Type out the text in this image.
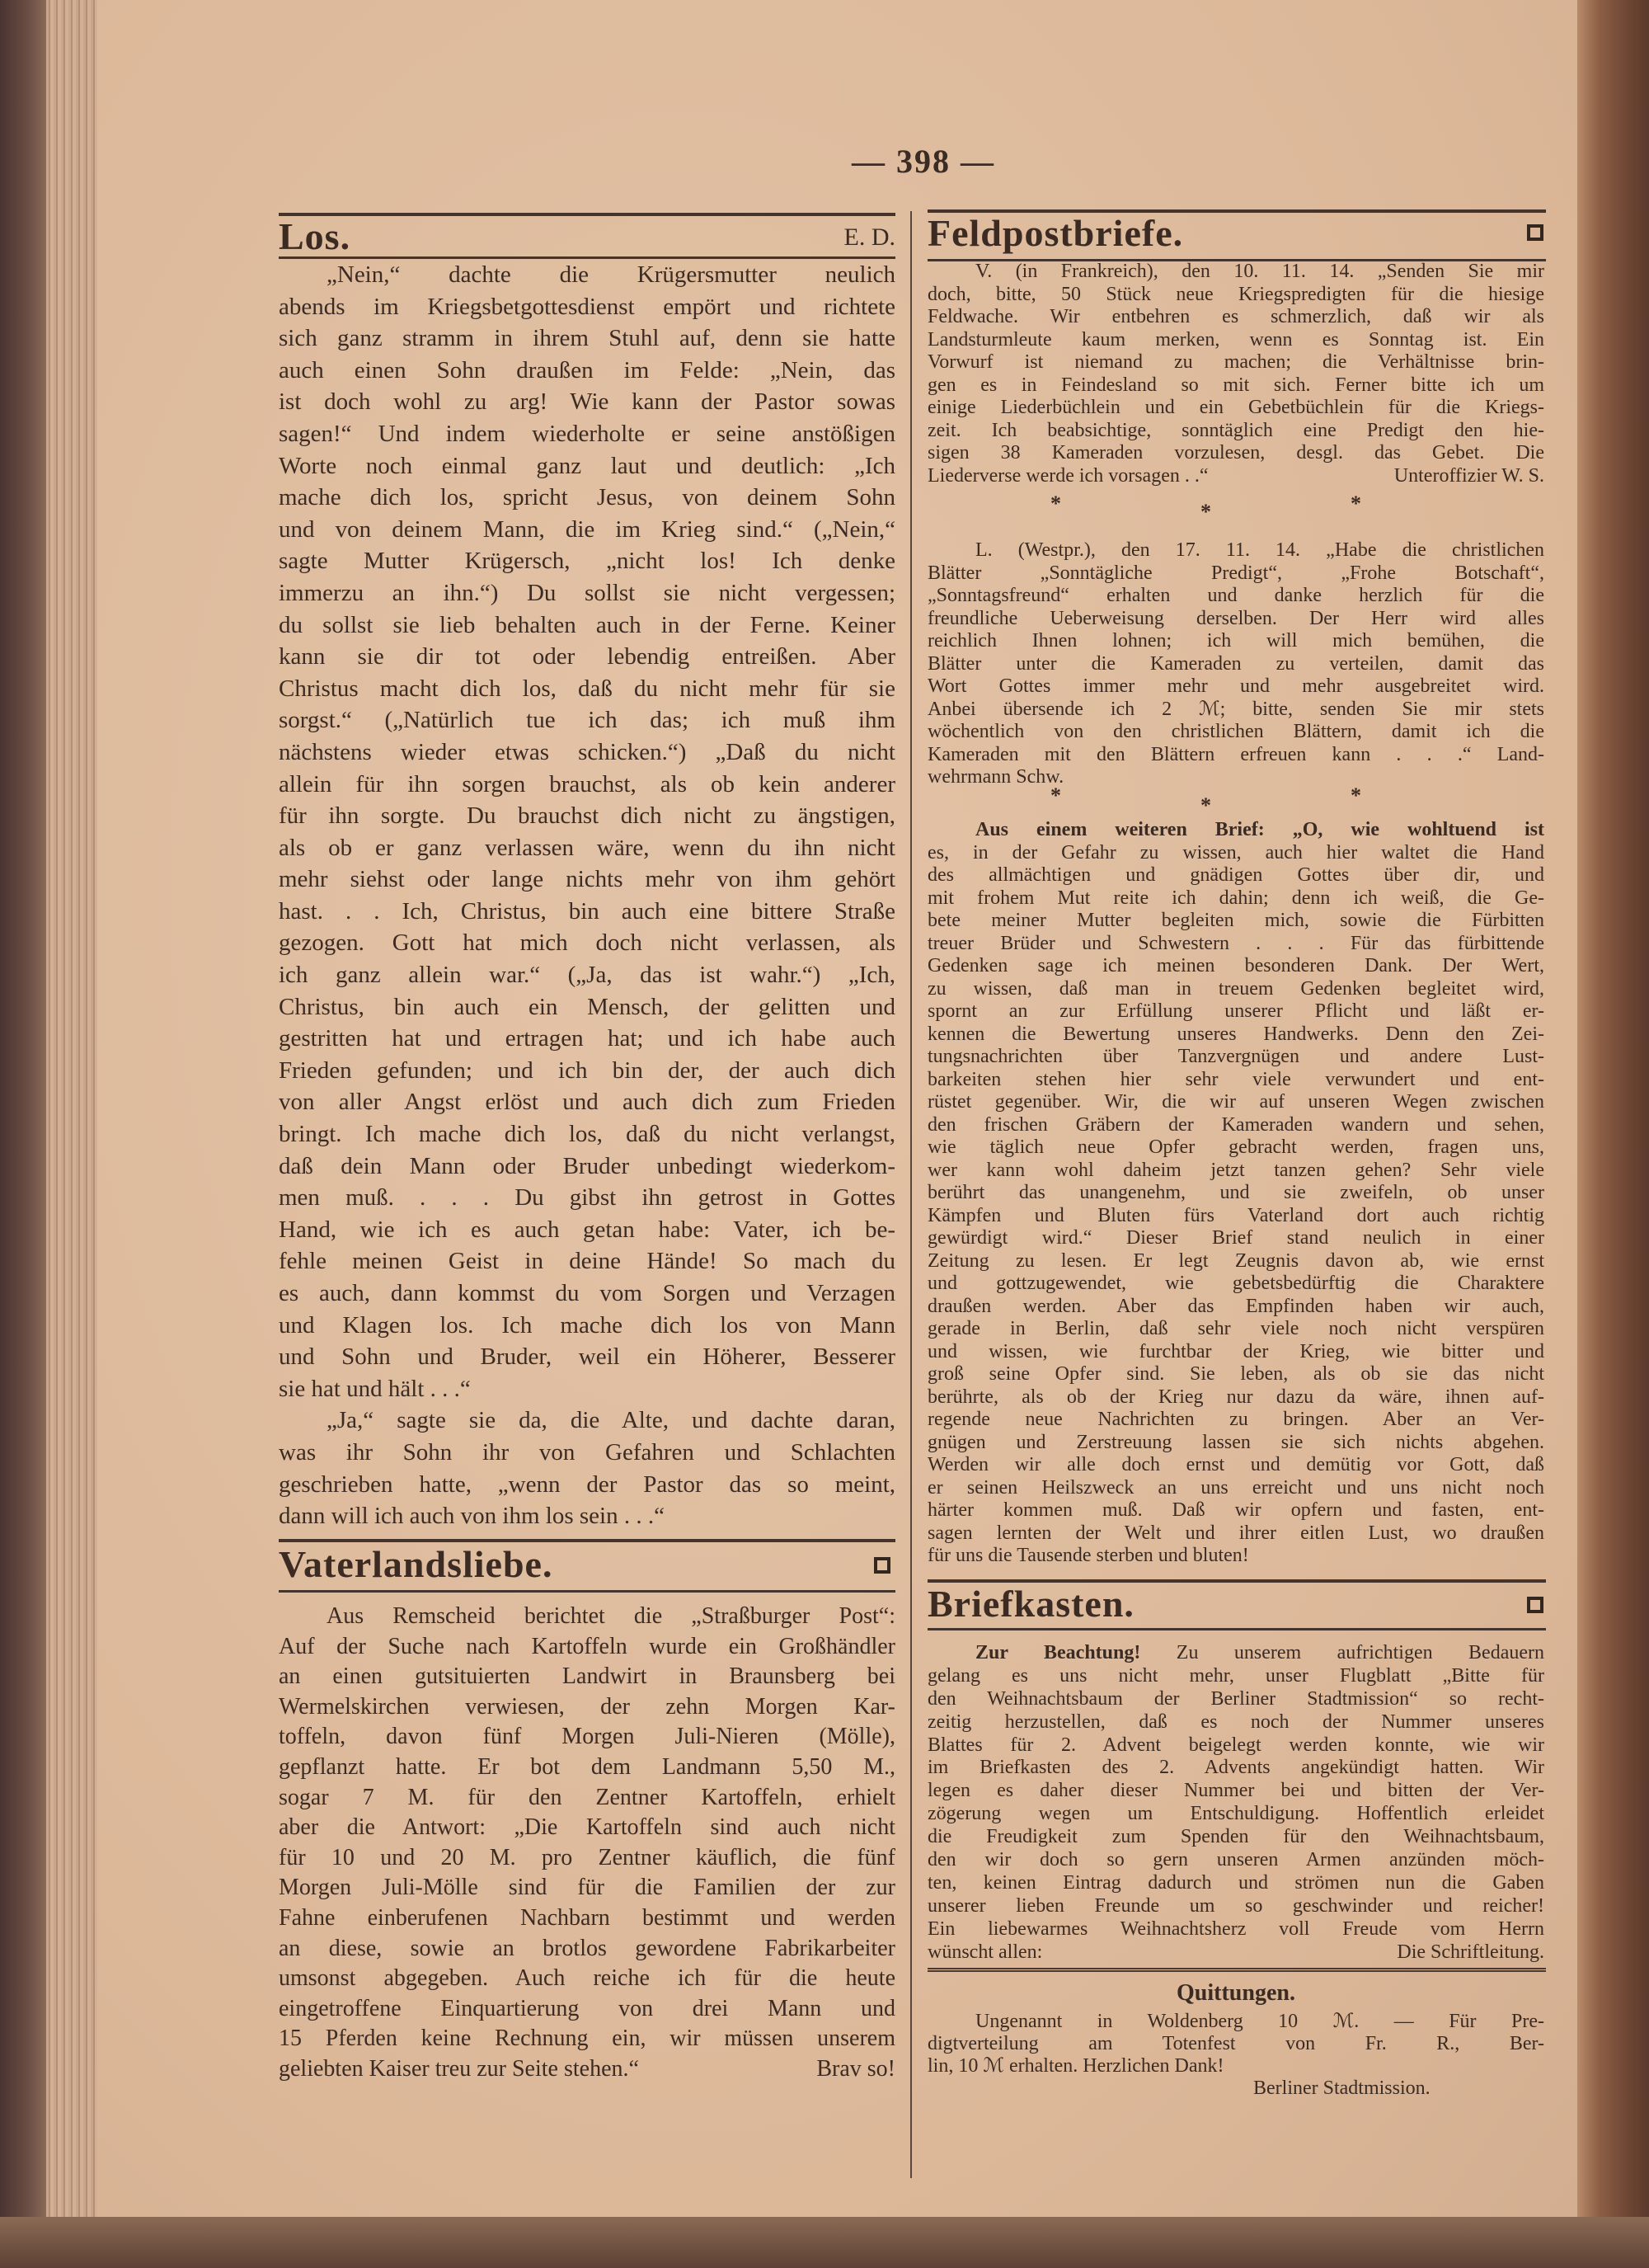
— 398 —
Los.	E. D.
„Nein,“ dachte die Krügersmutter neulich
abends im Kriegsbetgottesdienst empört und richtete
sich ganz stramm in ihrem Stuhl auf, denn sie hatte
auch einen Sohn draußen im Felde: „Nein, das
ist doch wohl zu arg! Wie kann der Pastor sowas
sagen!“ Und indem wiederholte er seine anstößigen
Worte noch einmal ganz laut und deutlich: „Ich
mache dich los, spricht Jesus, von deinem Sohn
und von deinem Mann, die im Krieg sind.“ („Nein,“
sagte Mutter Krügersch, „nicht los! Ich denke
immerzu an ihn.“) Du sollst sie nicht vergessen;
du sollst sie lieb behalten auch in der Ferne. Keiner
kann sie dir tot oder lebendig entreißen. Aber
Christus macht dich los, daß du nicht mehr für sie
sorgst.“ („Natürlich tue ich das; ich muß ihm
nächstens wieder etwas schicken.“) „Daß du nicht
allein für ihn sorgen brauchst, als ob kein anderer
für ihn sorgte. Du brauchst dich nicht zu ängstigen,
als ob er ganz verlassen wäre, wenn du ihn nicht
mehr siehst oder lange nichts mehr von ihm gehört
hast. . . Ich, Christus, bin auch eine bittere Straße
gezogen. Gott hat mich doch nicht verlassen, als
ich ganz allein war.“ („Ja, das ist wahr.“) „Ich,
Christus, bin auch ein Mensch, der gelitten und
gestritten hat und ertragen hat; und ich habe auch
Frieden gefunden; und ich bin der, der auch dich
von aller Angst erlöst und auch dich zum Frieden
bringt. Ich mache dich los, daß du nicht verlangst,
daß dein Mann oder Bruder unbedingt wiederkom-
men muß. . . . Du gibst ihn getrost in Gottes
Hand, wie ich es auch getan habe: Vater, ich be-
fehle meinen Geist in deine Hände! So mach du
es auch, dann kommst du vom Sorgen und Verzagen
und Klagen los. Ich mache dich los von Mann
und Sohn und Bruder, weil ein Höherer, Besserer
sie hat und hält . . .“
„Ja,“ sagte sie da, die Alte, und dachte daran,
was ihr Sohn ihr von Gefahren und Schlachten
geschrieben hatte, „wenn der Pastor das so meint,
dann will ich auch von ihm los sein . . .“
Vaterlandsliebe.
Aus Remscheid berichtet die „Straßburger Post“:
Auf der Suche nach Kartoffeln wurde ein Großhändler
an einen gutsituierten Landwirt in Braunsberg bei
Wermelskirchen verwiesen, der zehn Morgen Kar-
toffeln, davon fünf Morgen Juli-Nieren (Mölle),
gepflanzt hatte. Er bot dem Landmann 5,50 M.,
sogar 7 M. für den Zentner Kartoffeln, erhielt
aber die Antwort: „Die Kartoffeln sind auch nicht
für 10 und 20 M. pro Zentner käuflich, die fünf
Morgen Juli-Mölle sind für die Familien der zur
Fahne einberufenen Nachbarn bestimmt und werden
an diese, sowie an brotlos gewordene Fabrikarbeiter
umsonst abgegeben. Auch reiche ich für die heute
eingetroffene Einquartierung von drei Mann und
15 Pferden keine Rechnung ein, wir müssen unserem
geliebten Kaiser treu zur Seite stehen.“	Brav so!
Feldpostbriefe.
V. (in Frankreich), den 10. 11. 14. „Senden Sie mir
doch, bitte, 50 Stück neue Kriegspredigten für die hiesige
Feldwache. Wir entbehren es schmerzlich, daß wir als
Landsturmleute kaum merken, wenn es Sonntag ist. Ein
Vorwurf ist niemand zu machen; die Verhältnisse brin-
gen es in Feindesland so mit sich. Ferner bitte ich um
einige Liederbüchlein und ein Gebetbüchlein für die Kriegs-
zeit. Ich beabsichtige, sonntäglich eine Predigt den hie-
sigen 38 Kameraden vorzulesen, desgl. das Gebet. Die
Liederverse werde ich vorsagen . .“	Unteroffizier W. S.
*	*	*
L. (Westpr.), den 17. 11. 14. „Habe die christlichen
Blätter „Sonntägliche Predigt“, „Frohe Botschaft“,
„Sonntagsfreund“ erhalten und danke herzlich für die
freundliche Ueberweisung derselben. Der Herr wird alles
reichlich Ihnen lohnen; ich will mich bemühen, die
Blätter unter die Kameraden zu verteilen, damit das
Wort Gottes immer mehr und mehr ausgebreitet wird.
Anbei übersende ich 2 ℳ; bitte, senden Sie mir stets
wöchentlich von den christlichen Blättern, damit ich die
Kameraden mit den Blättern erfreuen kann . . .“ Land-
wehrmann Schw.
*	*	*
Aus einem weiteren Brief: „O, wie wohltuend ist
es, in der Gefahr zu wissen, auch hier waltet die Hand
des allmächtigen und gnädigen Gottes über dir, und
mit frohem Mut reite ich dahin; denn ich weiß, die Ge-
bete meiner Mutter begleiten mich, sowie die Fürbitten
treuer Brüder und Schwestern . . . Für das fürbittende
Gedenken sage ich meinen besonderen Dank. Der Wert,
zu wissen, daß man in treuem Gedenken begleitet wird,
spornt an zur Erfüllung unserer Pflicht und läßt er-
kennen die Bewertung unseres Handwerks. Denn den Zei-
tungsnachrichten über Tanzvergnügen und andere Lust-
barkeiten stehen hier sehr viele verwundert und ent-
rüstet gegenüber. Wir, die wir auf unseren Wegen zwischen
den frischen Gräbern der Kameraden wandern und sehen,
wie täglich neue Opfer gebracht werden, fragen uns,
wer kann wohl daheim jetzt tanzen gehen? Sehr viele
berührt das unangenehm, und sie zweifeln, ob unser
Kämpfen und Bluten fürs Vaterland dort auch richtig
gewürdigt wird.“ Dieser Brief stand neulich in einer
Zeitung zu lesen. Er legt Zeugnis davon ab, wie ernst
und gottzugewendet, wie gebetsbedürftig die Charaktere
draußen werden. Aber das Empfinden haben wir auch,
gerade in Berlin, daß sehr viele noch nicht verspüren
und wissen, wie furchtbar der Krieg, wie bitter und
groß seine Opfer sind. Sie leben, als ob sie das nicht
berührte, als ob der Krieg nur dazu da wäre, ihnen auf-
regende neue Nachrichten zu bringen. Aber an Ver-
gnügen und Zerstreuung lassen sie sich nichts abgehen.
Werden wir alle doch ernst und demütig vor Gott, daß
er seinen Heilszweck an uns erreicht und uns nicht noch
härter kommen muß. Daß wir opfern und fasten, ent-
sagen lernten der Welt und ihrer eitlen Lust, wo draußen
für uns die Tausende sterben und bluten!
Briefkasten.
Zur Beachtung! Zu unserem aufrichtigen Bedauern
gelang es uns nicht mehr, unser Flugblatt „Bitte für
den Weihnachtsbaum der Berliner Stadtmission“ so recht-
zeitig herzustellen, daß es noch der Nummer unseres
Blattes für 2. Advent beigelegt werden konnte, wie wir
im Briefkasten des 2. Advents angekündigt hatten. Wir
legen es daher dieser Nummer bei und bitten der Ver-
zögerung wegen um Entschuldigung. Hoffentlich erleidet
die Freudigkeit zum Spenden für den Weihnachtsbaum,
den wir doch so gern unseren Armen anzünden möch-
ten, keinen Eintrag dadurch und strömen nun die Gaben
unserer lieben Freunde um so geschwinder und reicher!
Ein liebewarmes Weihnachtsherz voll Freude vom Herrn
wünscht allen:	Die Schriftleitung.
Quittungen.
Ungenannt in Woldenberg 10 ℳ. — Für Pre-
digtverteilung am Totenfest von Fr. R., Ber-
lin, 10 ℳ erhalten. Herzlichen Dank!
Berliner Stadtmission.
